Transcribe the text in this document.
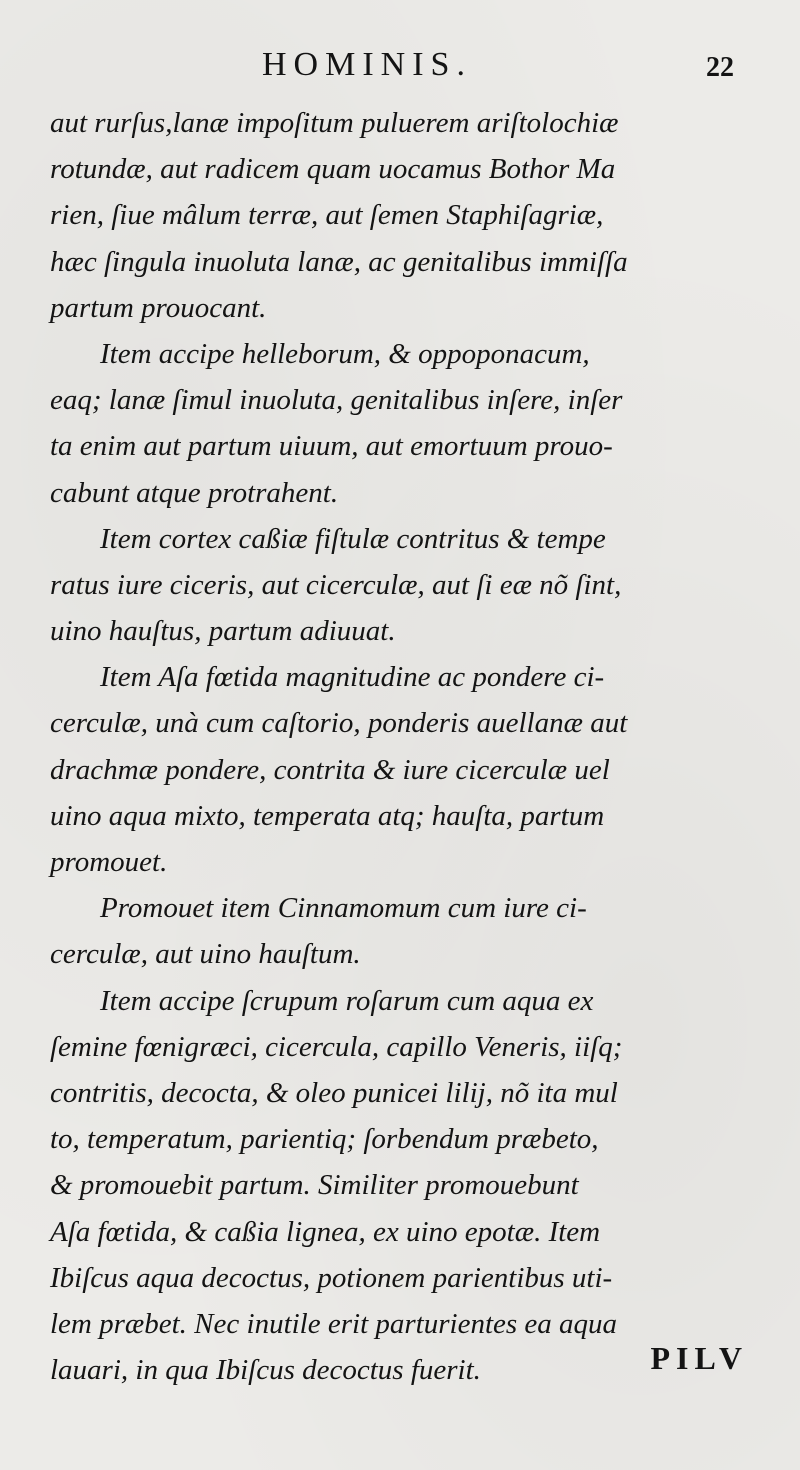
HOMINIS.	22
aut rurſus,lanæ impoſitum puluerem ariſtolochiæ
rotundæ, aut radicem quam uocamus Bothor Ma
rien, ſiue mâlum terræ, aut ſemen Staphiſagriæ,
hæc ſingula inuoluta lanæ, ac genitalibus immiſſa
partum prouocant.
Item accipe helleborum, & oppoponacum,
eaq; lanæ ſimul inuoluta, genitalibus inſere, inſer
ta enim aut partum uiuum, aut emortuum prouo-
cabunt atque protrahent.
Item cortex caßiæ fiſtulæ contritus & tempe
ratus iure ciceris, aut cicerculæ, aut ſi eæ nõ ſint,
uino hauſtus, partum adiuuat.
Item Aſa fœtida magnitudine ac pondere ci-
cerculæ, unà cum caſtorio, ponderis auellanæ aut
drachmæ pondere, contrita & iure cicerculæ uel
uino aqua mixto, temperata atq; hauſta, partum
promouet.
Promouet item Cinnamomum cum iure ci-
cerculæ, aut uino hauſtum.
Item accipe ſcrupum roſarum cum aqua ex
ſemine fœnigræci, cicercula, capillo Veneris, iiſq;
contritis, decocta, & oleo punicei lilij, nõ ita mul
to, temperatum, parientiq; ſorbendum præbeto,
& promouebit partum. Similiter promouebunt
Aſa fœtida, & caßia lignea, ex uino epotæ. Item
Ibiſcus aqua decoctus, potionem parientibus uti-
lem præbet. Nec inutile erit parturientes ea aqua
lauari, in qua Ibiſcus decoctus fuerit.	PILV
